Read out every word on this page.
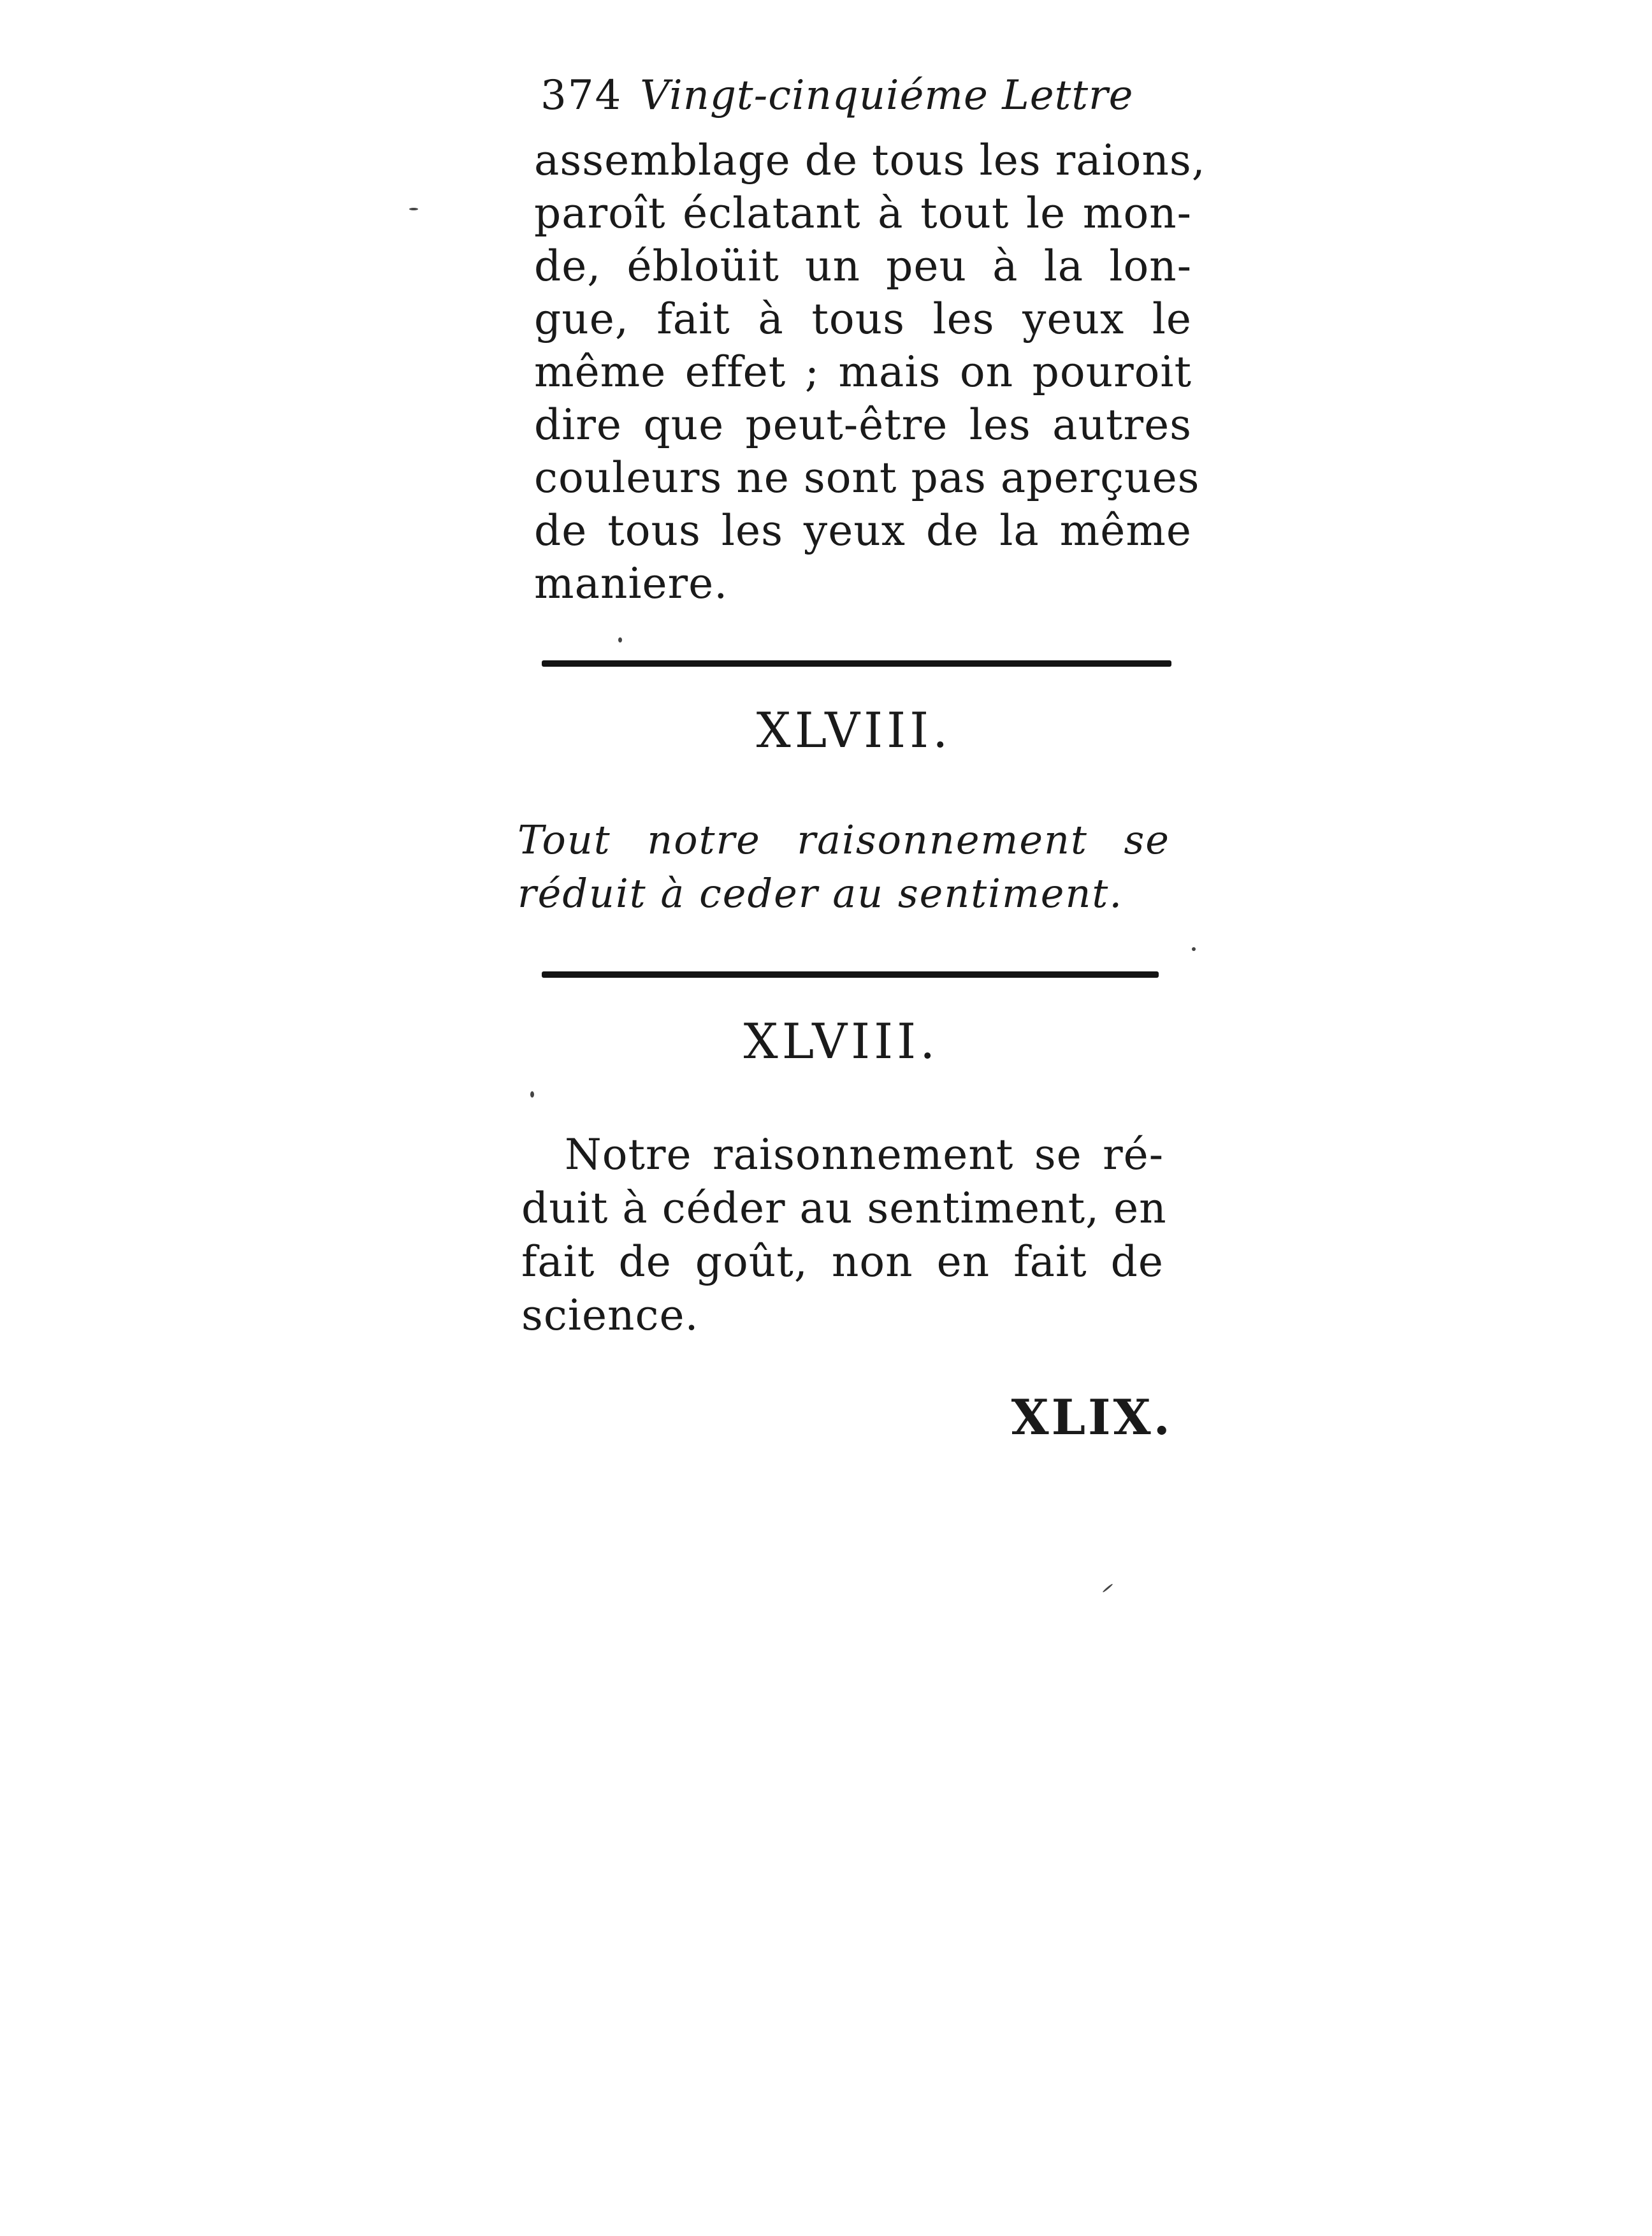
374 Vingt-cinquiéme Lettre

assemblage de tous les raions,
paroît éclatant à tout le mon-
de, ébloüit un peu à la lon-
gue, fait à tous les yeux le
même effet ; mais on pouroit
dire que peut-être les autres
couleurs ne sont pas aperçues
de tous les yeux de la même
maniere.

XLVIII.

Tout notre raisonnement se
réduit à ceder au sentiment.

XLVIII.

Notre raisonnement se ré-
duit à céder au sentiment, en
fait de goût, non en fait de
science.

XLIX.
